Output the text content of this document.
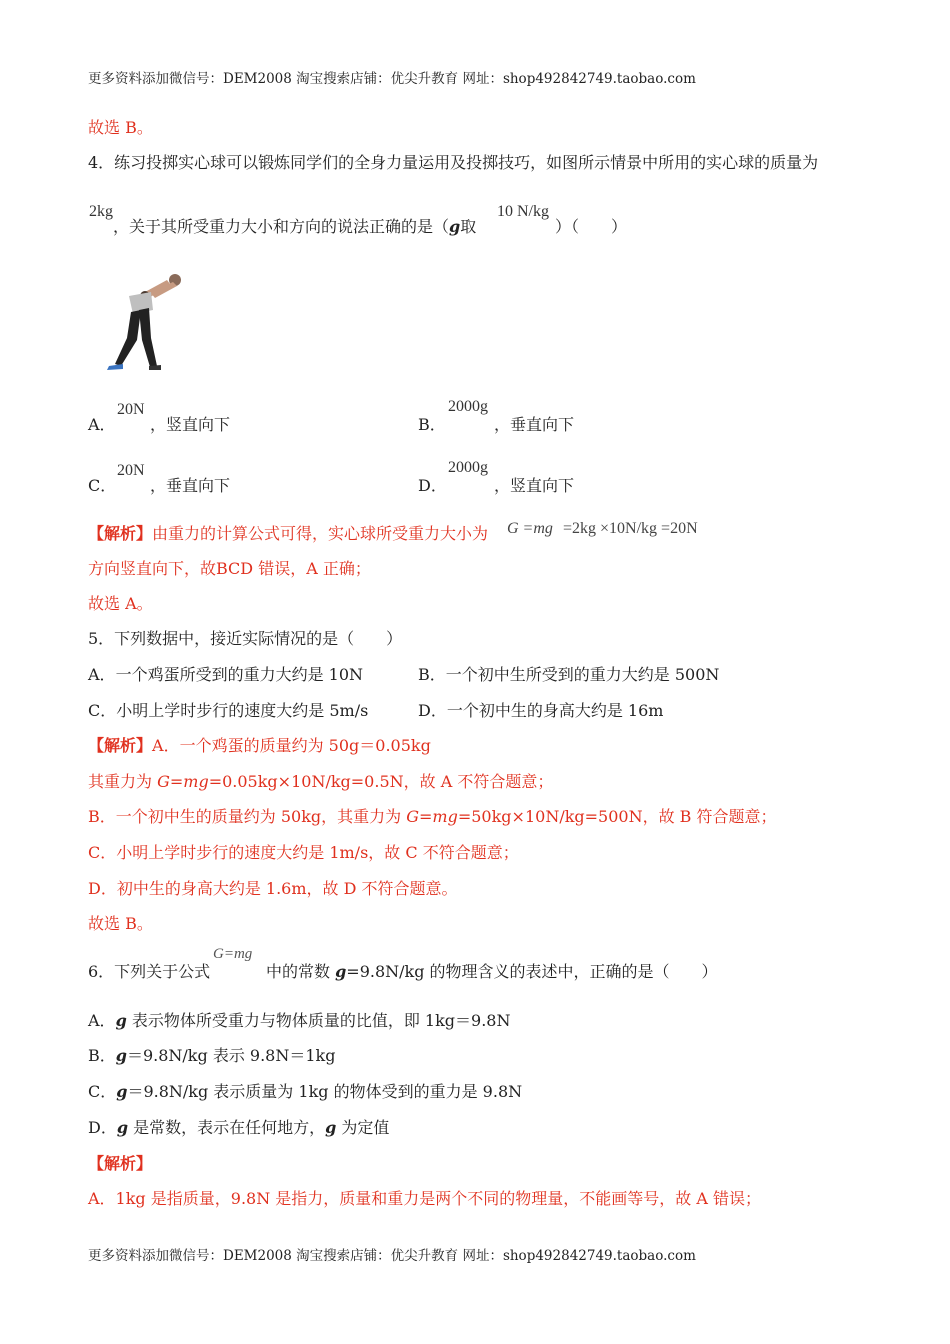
更多资料添加微信号：DEM2008 淘宝搜索店铺：优尖升教育 网址：shop492842749.taobao.com
更多资料添加微信号：DEM2008 淘宝搜索店铺：优尖升教育 网址：shop492842749.taobao.com
故选 B。
4．练习投掷实心球可以锻炼同学们的全身力量运用及投掷技巧，如图所示情景中所用的实心球的质量为
2kg
，关于其所受重力大小和方向的说法正确的是（g取
10 N/kg
）（　　）
A．
20N
，竖直向下	B．
2000g
，垂直向下
C．
20N
，垂直向下	D．
2000g
，竖直向下
【解析】由重力的计算公式可得，实心球所受重力大小为 G =mg =2kg ×10N/kg =20N
方向竖直向下，故BCD 错误，A 正确；
故选 A。
5．下列数据中，接近实际情况的是（　　）
A．一个鸡蛋所受到的重力大约是 10N	B．一个初中生所受到的重力大约是 500N
C．小明上学时步行的速度大约是 5m/s	D．一个初中生的身高大约是 16m
【解析】A．一个鸡蛋的质量约为 50g＝0.05kg
其重力为 G=mg=0.05kg×10N/kg=0.5N，故 A 不符合题意；
B．一个初中生的质量约为 50kg，其重力为 G=mg=50kg×10N/kg=500N，故 B 符合题意；
C．小明上学时步行的速度大约是 1m/s，故 C 不符合题意；
D．初中生的身高大约是 1.6m，故 D 不符合题意。
故选 B。
G=mg
6．下列关于公式	中的常数 g=9.8N/kg 的物理含义的表述中，正确的是（　　）
A．g 表示物体所受重力与物体质量的比值，即 1kg＝9.8N
B．g＝9.8N/kg 表示 9.8N＝1kg
C．g＝9.8N/kg 表示质量为 1kg 的物体受到的重力是 9.8N
D．g 是常数，表示在任何地方，g 为定值
【解析】
A．1kg 是指质量，9.8N 是指力，质量和重力是两个不同的物理量，不能画等号，故 A 错误；
